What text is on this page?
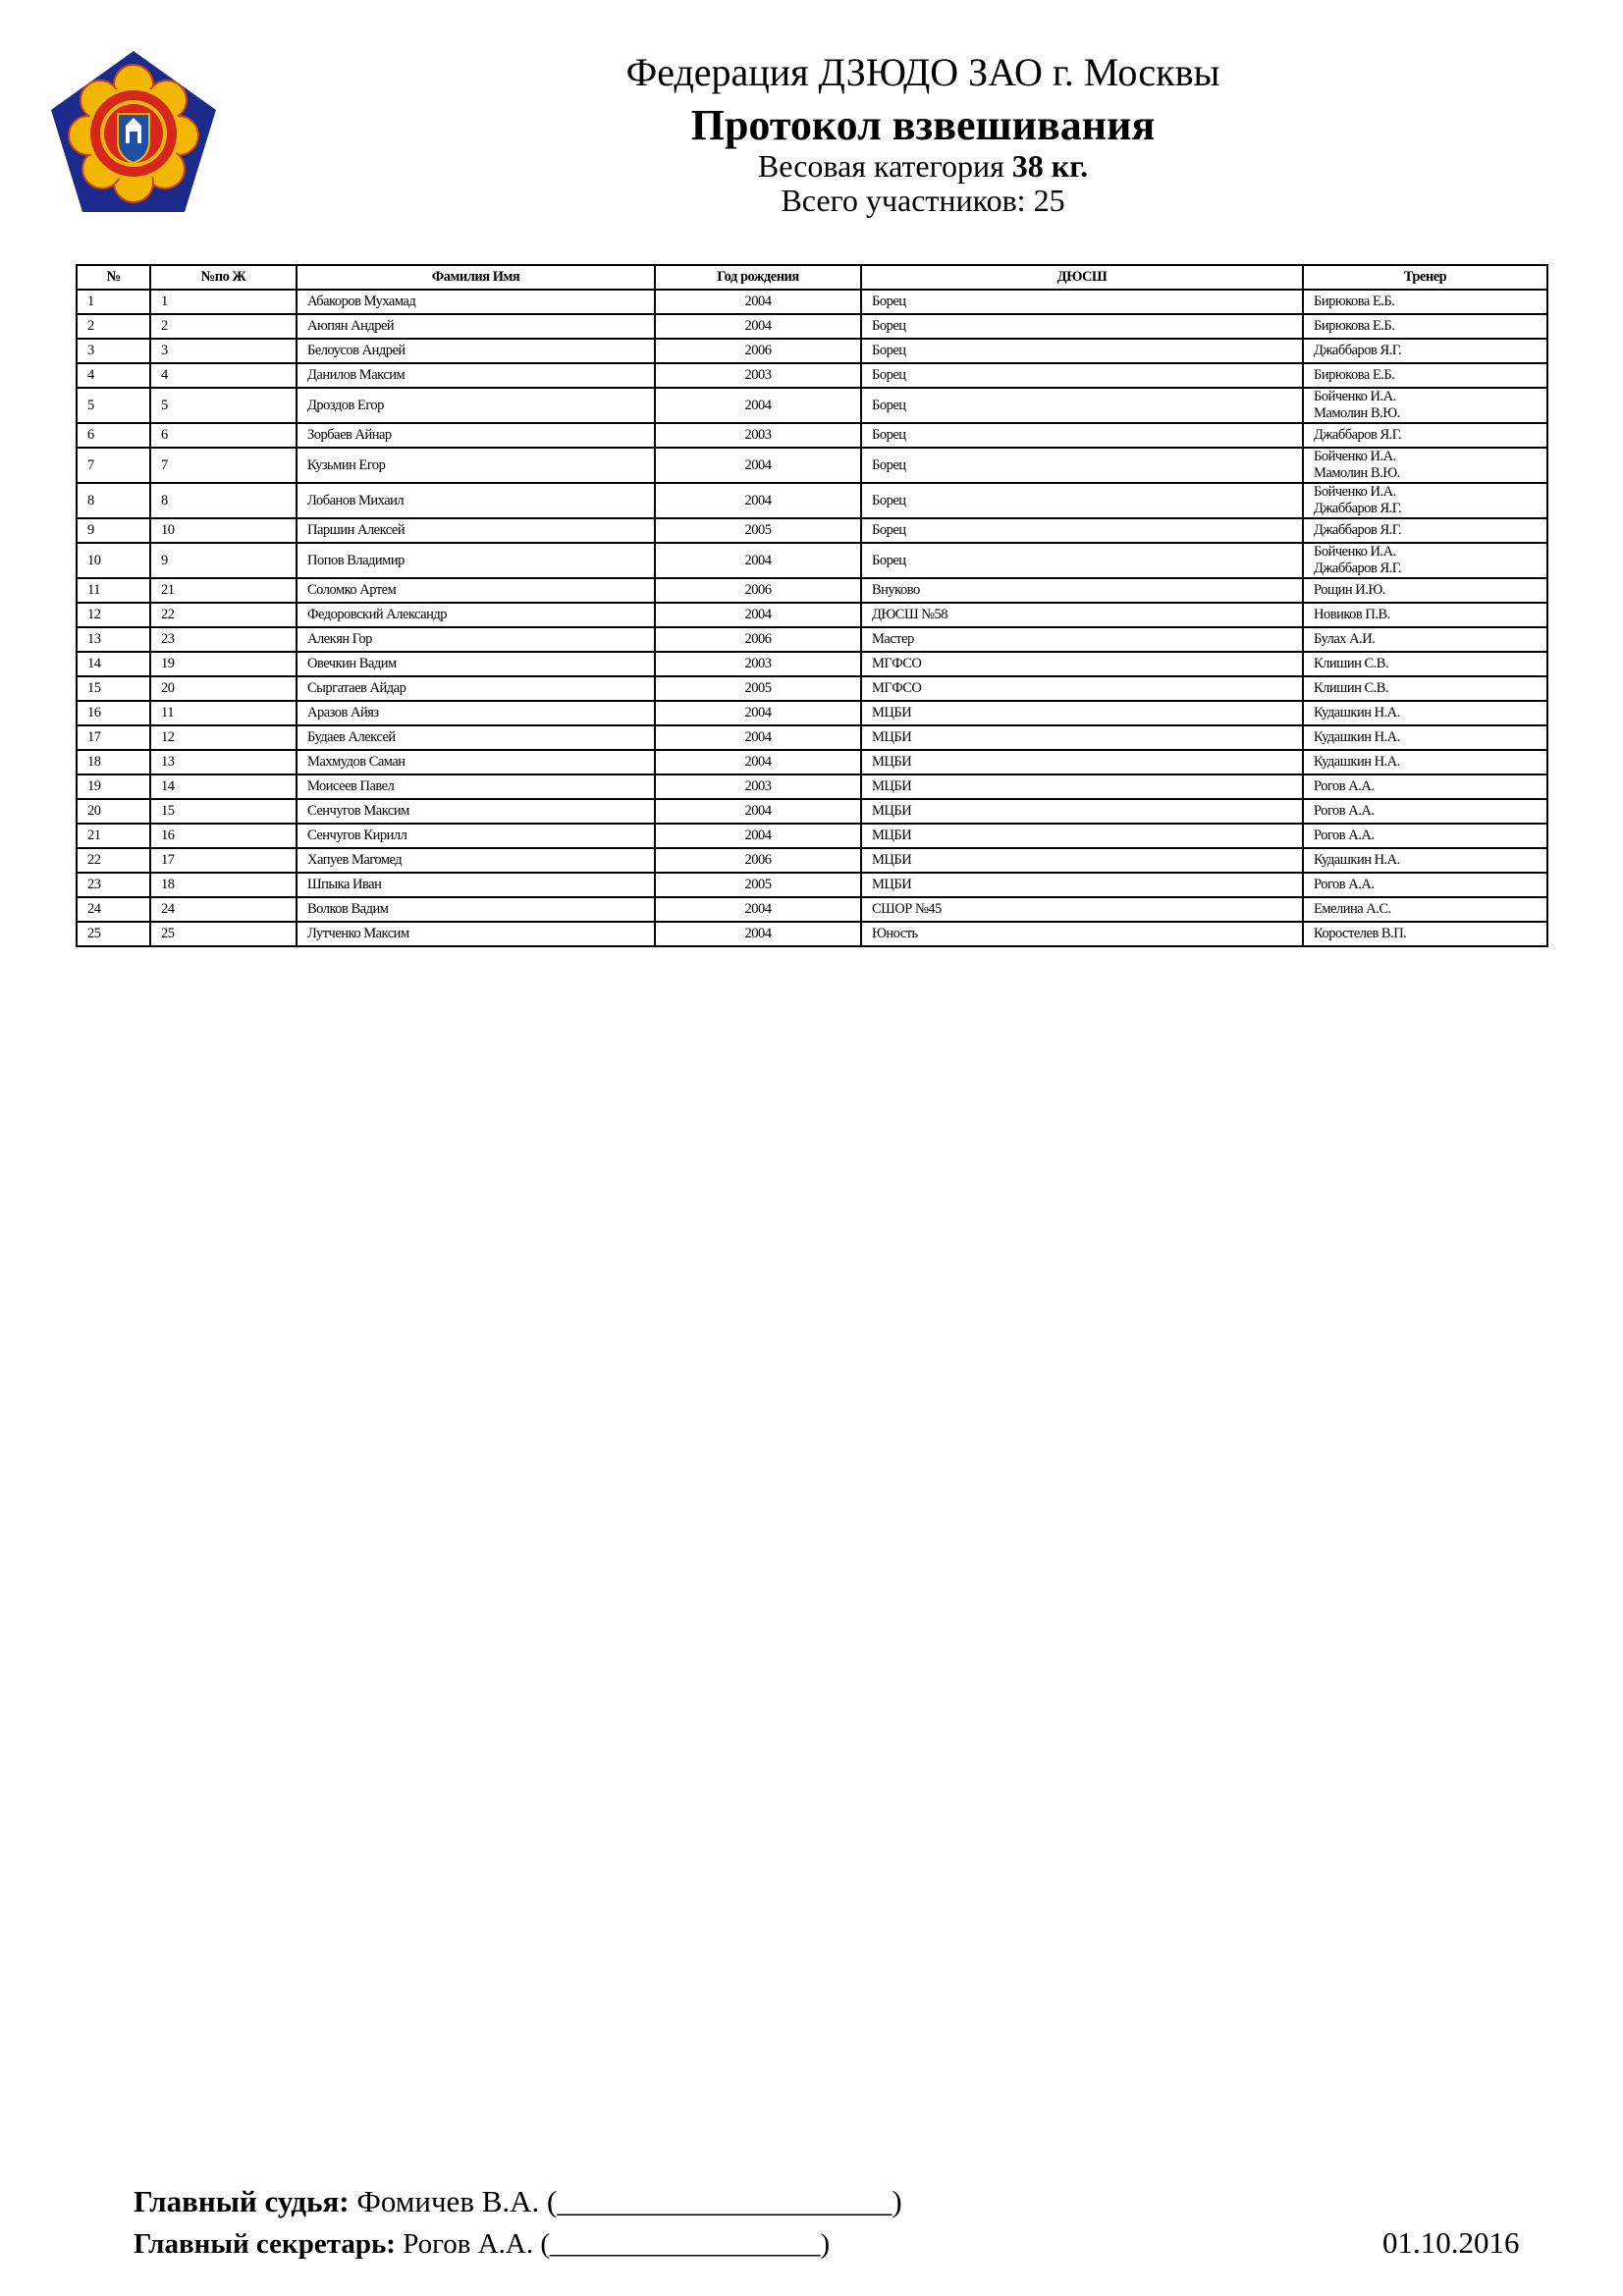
Федерация ДЗЮДО ЗАО г. Москвы
Протокол взвешивания
Весовая категория 38 кг.
Всего участников: 25
№	№по Ж	Фамилия Имя	Год рождения	ДЮСШ	Тренер
1	1	Абакоров Мухамад	2004	Борец	Бирюкова Е.Б.

2	2	Аюпян Андрей	2004	Борец	Бирюкова Е.Б.

3	3	Белоусов Андрей	2006	Борец	Джаббаров Я.Г.

4	4	Данилов Максим	2003	Борец	Бирюкова Е.Б.

5	5	Дроздов Егор	2004	Борец	Бойченко И.А.
Мамолин В.Ю.

6	6	Зорбаев Айнар	2003	Борец	Джаббаров Я.Г.

7	7	Кузьмин Егор	2004	Борец	Бойченко И.А.
Мамолин В.Ю.

8	8	Лобанов Михаил	2004	Борец	Бойченко И.А.
Джаббаров Я.Г.

9	10	Паршин Алексей	2005	Борец	Джаббаров Я.Г.

10	9	Попов Владимир	2004	Борец	Бойченко И.А.
Джаббаров Я.Г.

11	21	Соломко Артем	2006	Внуково	Рощин И.Ю.

12	22	Федоровский Александр	2004	ДЮСШ №58	Новиков П.В.

13	23	Алекян Гор	2006	Мастер	Булах А.И.

14	19	Овечкин Вадим	2003	МГФСО	Клишин С.В.

15	20	Сыргатаев Айдар	2005	МГФСО	Клишин С.В.

16	11	Аразов Айяз	2004	МЦБИ	Кудашкин Н.А.

17	12	Будаев Алексей	2004	МЦБИ	Кудашкин Н.А.

18	13	Махмудов Саман	2004	МЦБИ	Кудашкин Н.А.

19	14	Моисеев Павел	2003	МЦБИ	Рогов А.А.

20	15	Сенчугов Максим	2004	МЦБИ	Рогов А.А.

21	16	Сенчугов Кирилл	2004	МЦБИ	Рогов А.А.

22	17	Хапуев Магомед	2006	МЦБИ	Кудашкин Н.А.

23	18	Шпыка Иван	2005	МЦБИ	Рогов А.А.

24	24	Волков Вадим	2004	СШОР №45	Емелина А.С.

25	25	Лутченко Максим	2004	Юность	Коростелев В.П.
Главный судья: Фомичев В.А. (______________________)
Главный секретарь: Рогов А.А. (___________________)	01.10.2016
